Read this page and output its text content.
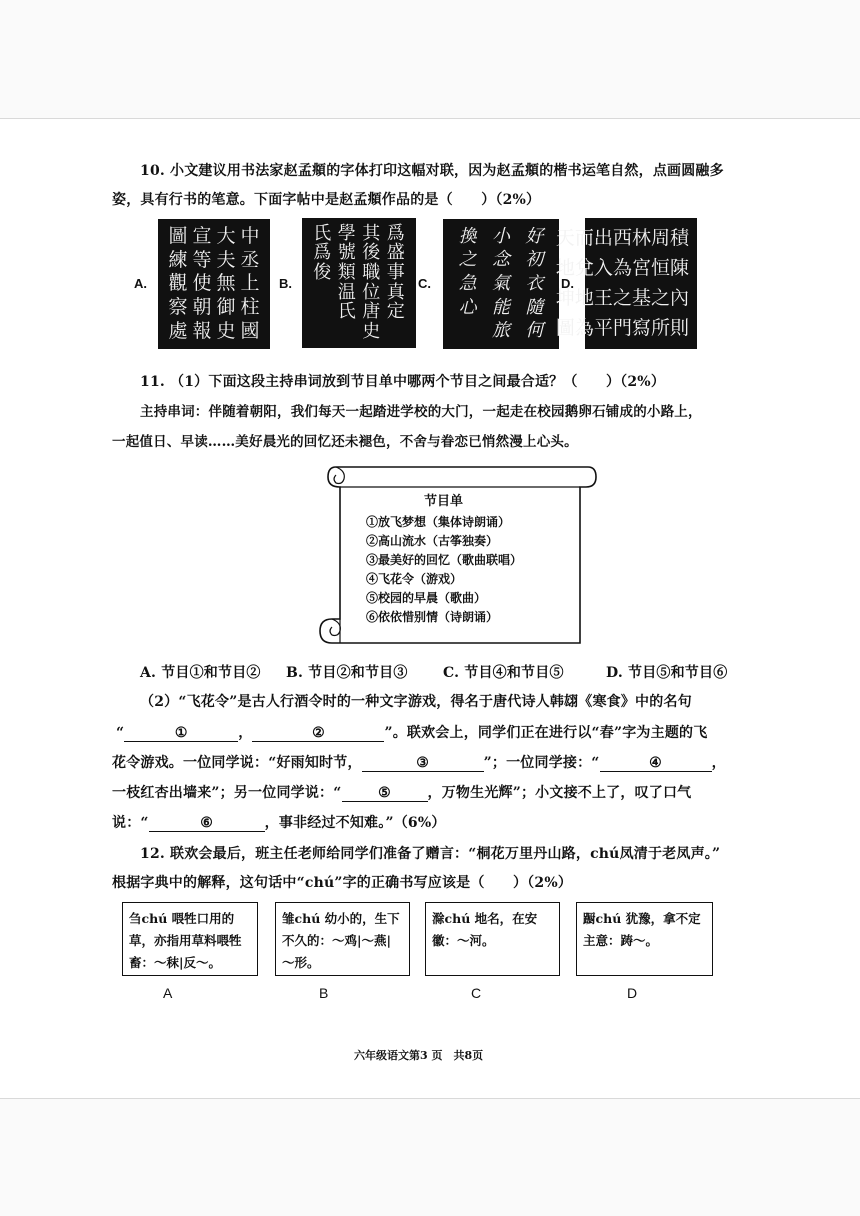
10. 小文建议用书法家赵孟頫的字体打印这幅对联，因为赵孟頫的楷书运笔自然，点画圆融多
姿，具有行书的笔意。下面字帖中是赵孟頫作品的是（　　）（2%）
A.
中
丞
上
柱
國
大
夫
無
御
史
宣
等
使
朝
報
圖
練
觀
察
處
B.
爲
盛
事
真
定
其
後
職
位
唐
史
學
號
類
温
氏
氏
爲
俊
C.
好
初
衣
隨
何
小
念
氣
能
旅
換
之
急
心
D.
積
陳
內
則
周
恒
之
所
林
宮
基
寫
西
為
之
門
出
入
王
平
而
兌
地
為
天
地
坤
圖
11. （1）下面这段主持串词放到节目单中哪两个节目之间最合适？（　　）（2%）
主持串词：伴随着朝阳，我们每天一起踏进学校的大门，一起走在校园鹅卵石铺成的小路上，
一起值日、早读……美好晨光的回忆还未褪色，不舍与眷恋已悄然漫上心头。
节目单
①放飞梦想（集体诗朗诵）
②高山流水（古筝独奏）
③最美好的回忆（歌曲联唱）
④飞花令（游戏）
⑤校园的早晨（歌曲）
⑥依依惜别情（诗朗诵）
A. 节目①和节目② B. 节目②和节目③	C. 节目④和节目⑤	D. 节目⑤和节目⑥
（2）“飞花令”是古人行酒令时的一种文字游戏，得名于唐代诗人韩翃《寒食》中的名句
“	①	，	②	”。联欢会上，同学们正在进行以“春”字为主题的飞
花令游戏。一位同学说：“好雨知时节，	③	”；一位同学接：“	④	，
一枝红杏出墙来”；另一位同学说：“	⑤	，万物生光辉”；小文接不上了，叹了口气
说：“	⑥	，事非经过不知难。”（6%）
12. 联欢会最后，班主任老师给同学们准备了赠言：“桐花万里丹山路，chú凤清于老凤声。”
根据字典中的解释，这句话中“chú”字的正确书写应该是（　　）（2%）
刍chú 喂牲口用的草，亦指用草料喂牲畜：～秣|反～。
雏chú 幼小的，生下不久的：～鸡|～燕|～形。
滁chú 地名，在安徽：～河。
蹰chú 犹豫，拿不定主意：踌～。
A	B	C	D
六年级语文第3 页　共8页
